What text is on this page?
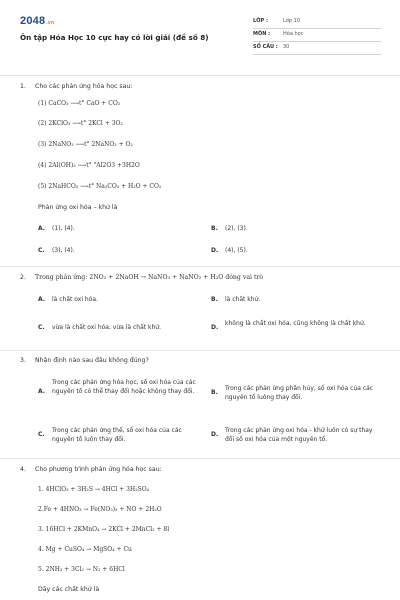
2048.vn
Ôn tập Hóa Học 10 cực hay có lời giải (đề số 8)
LỚP :	Lớp 10
MÔN :	Hóa học
SỐ CÂU : 30
1. Cho các phản ứng hóa học sau:
(1) CaCO₃ ⟶t° CaO + CO₂
(2) 2KClO₃ ⟶t° 2KCl + 3O₂
(3) 2NaNO₃ ⟶t° 2NaNO₂ + O₂
(4) 2Al(OH)₃ ⟶t° "Al2O3 +3H2O
(5) 2NaHCO₃ ⟶t° Na₂CO₃ + H₂O + CO₂
Phản ứng oxi hóa – khử là
A. (1), (4).	B. (2), (3).
C. (3), (4).	D. (4), (5).
2. Trong phản ứng: 2NO₂ + 2NaOH → NaNO₃ + NaNO₂ + H₂O đóng vai trò
A. là chất oxi hóa.	B. là chất khử.
C. vừa là chất oxi hóa, vừa là chất khử.	D.
không là chất oxi hóa, cũng không là chất khử.
3. Nhận định nào sau đâu không đúng?
A.
Trong các phản ứng hóa học, số oxi hóa của các nguyên tố có thể thay đổi hoặc không thay đổi.	B.
Trong các phản ứng phân hủy, số oxi hóa của các nguyên tố luông thay đổi.
C.
Trong các phản ứng thế, số oxi hóa của các nguyên tố luôn thay đổi.
D.
Trong các phản ứng oxi hóa - khử luôn có sự thay đổi số oxi hóa của một nguyên tố.
4. Cho phương trình phản ứng hóa học sau:
1. 4HClO₃ + 3H₂S → 4HCl + 3H₂SO₄
2.Fe + 4HNO₃ → Fe(NO₃)₃ + NO + 2H₂O
3. 16HCl + 2KMnO₄ → 2KCl + 2MnCl₂ + 8l
4. Mg + CuSO₄ → MgSO₄ + Cu
5. 2NH₃ + 3Cl₂ → N₂ + 6HCl
Dãy các chất khử là
